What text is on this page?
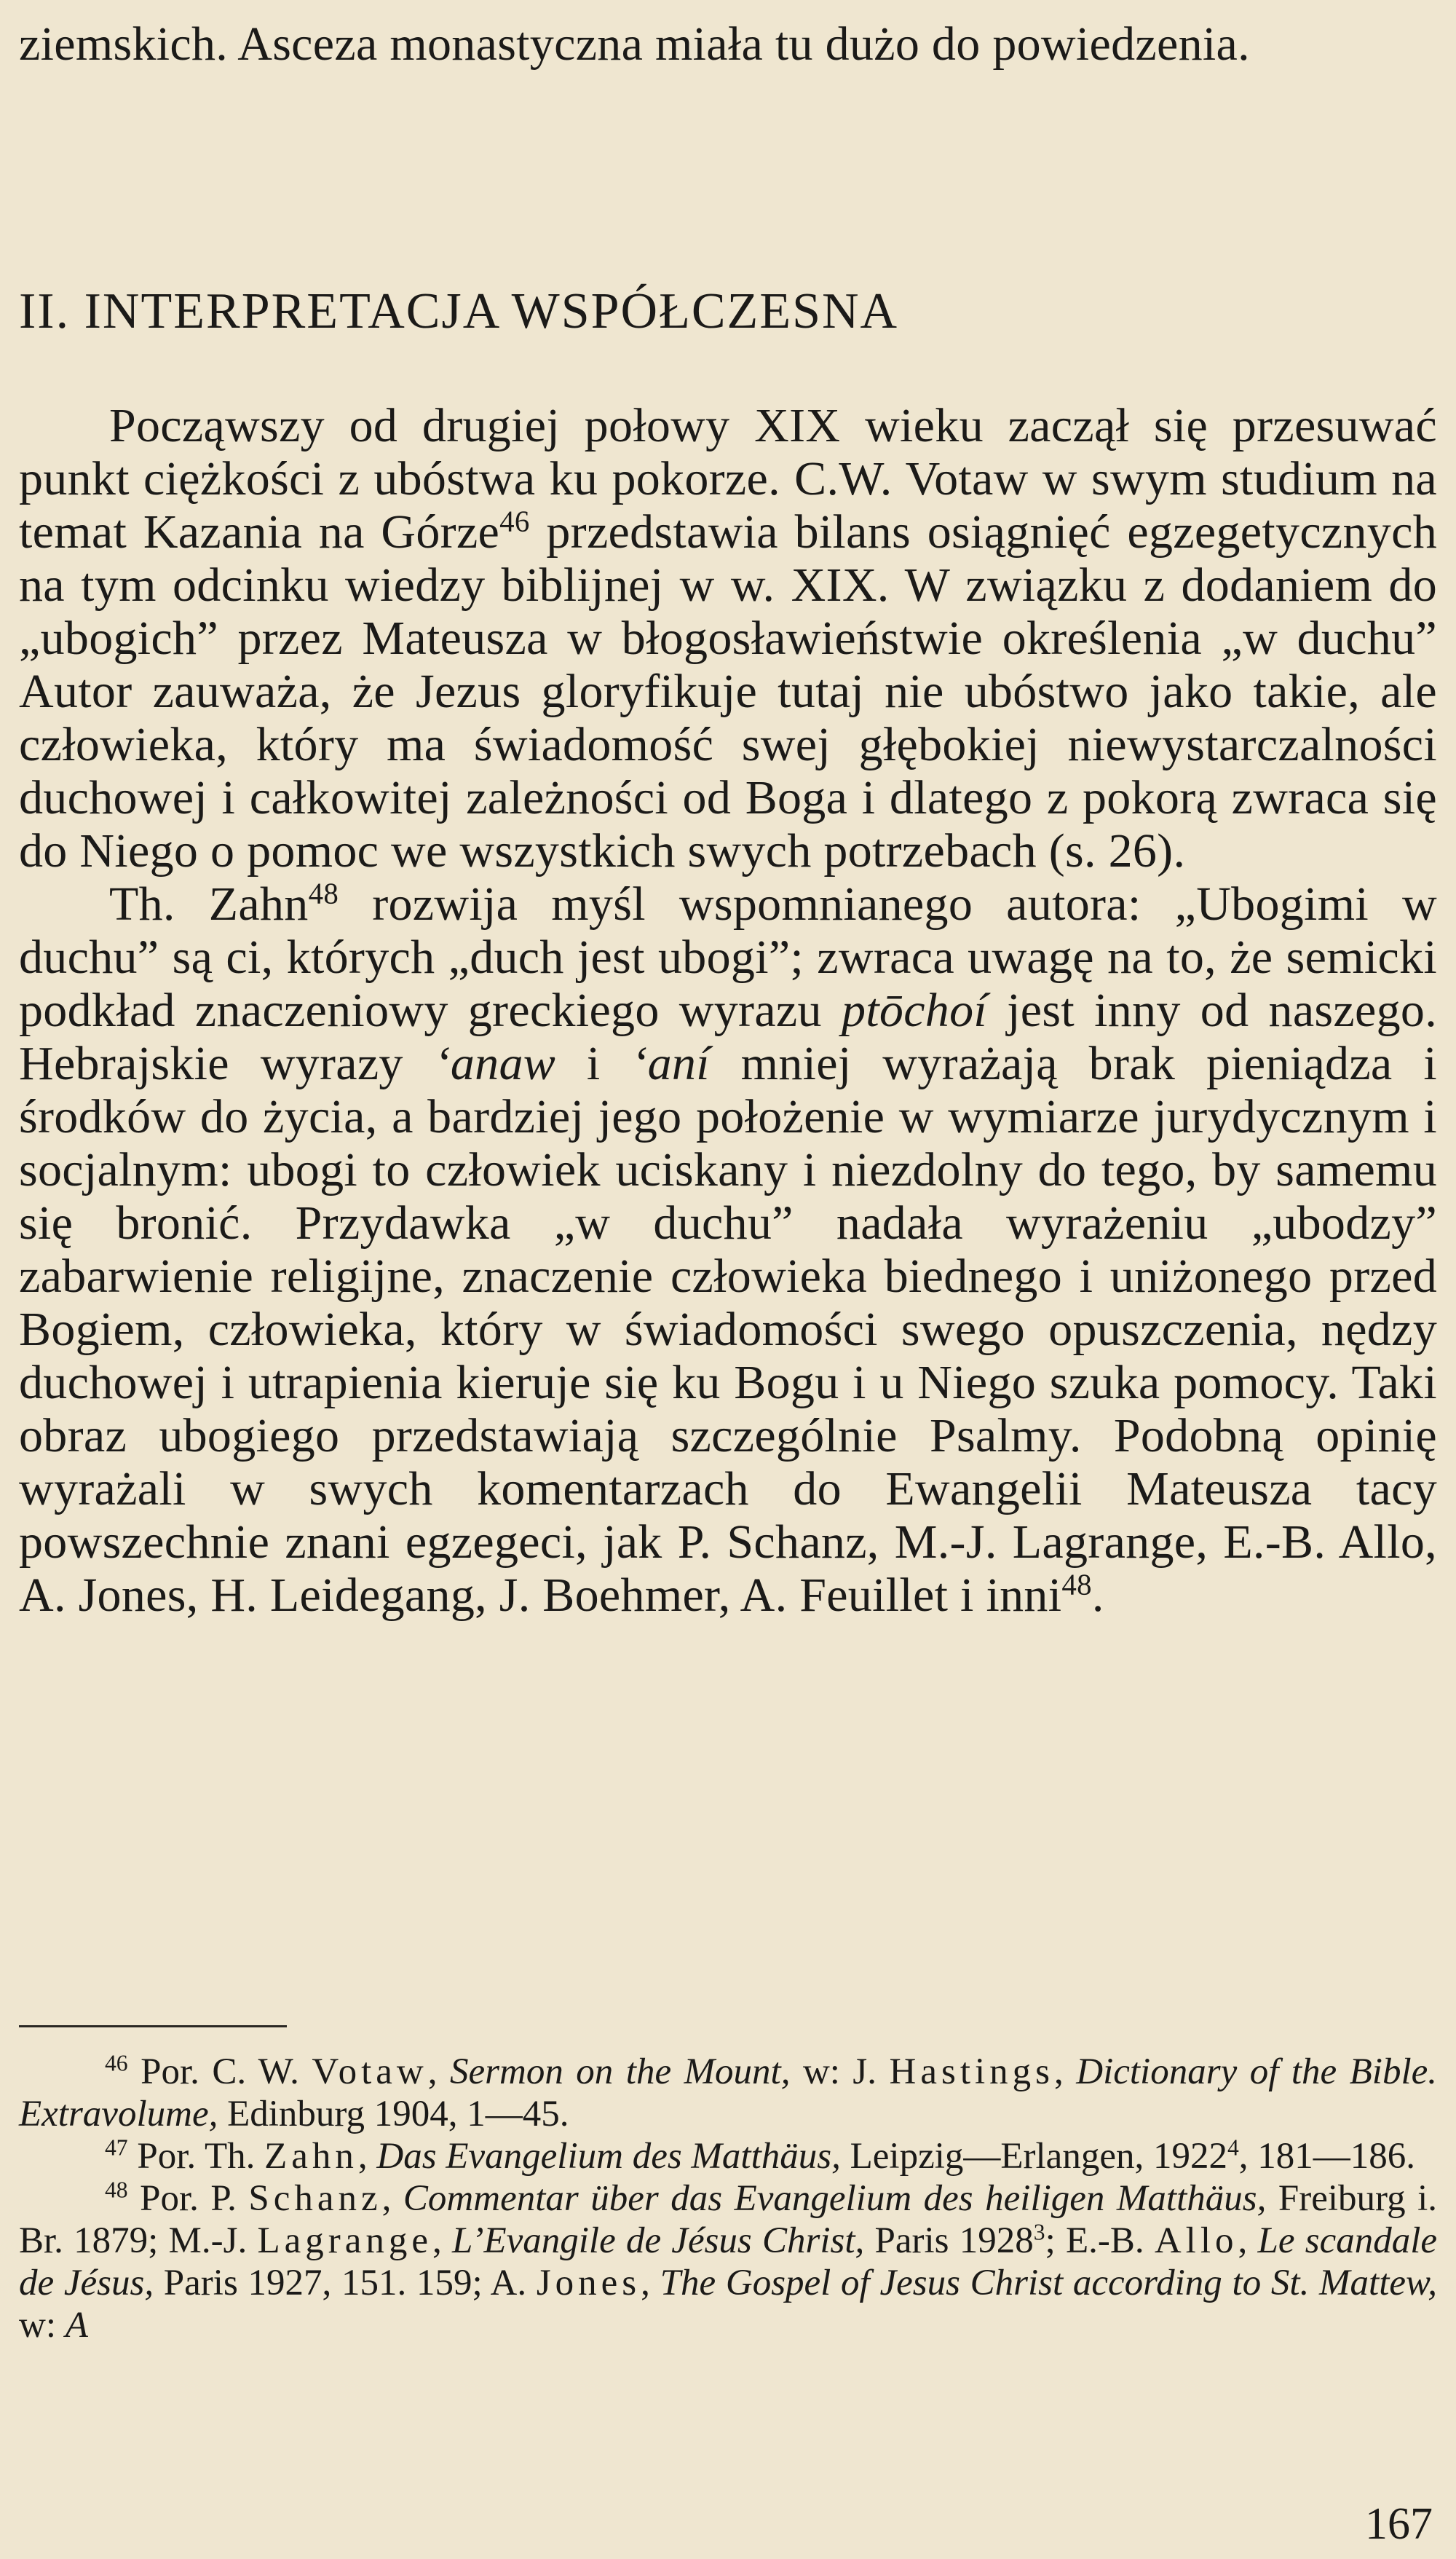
ziemskich. Asceza monastyczna miała tu dużo do powiedzenia.

II. INTERPRETACJA WSPÓŁCZESNA

Począwszy od drugiej połowy XIX wieku zaczął się przesuwać punkt ciężkości z ubóstwa ku pokorze. C.W. Votaw w swym studium na temat Kazania na Górze$^{46}$ przedstawia bilans osiągnięć egzegetycznych na tym odcinku wiedzy biblijnej w w. XIX. W związku z dodaniem do „ubogich” przez Mateusza w błogosławieństwie określenia „w duchu” Autor zauważa, że Jezus gloryfikuje tutaj nie ubóstwo jako takie, ale człowieka, który ma świadomość swej głębokiej niewystarczalności duchowej i całkowitej zależności od Boga i dlatego z pokorą zwraca się do Niego o pomoc we wszystkich swych potrzebach (s. 26).

Th. Zahn$^{48}$ rozwija myśl wspomnianego autora: „Ubogimi w duchu” są ci, których „duch jest ubogi”; zwraca uwagę na to, że semicki podkład znaczeniowy greckiego wyrazu ptōchoí jest inny od naszego. Hebrajskie wyrazy ‘anaw i ‘aní mniej wyrażają brak pieniądza i środków do życia, a bardziej jego położenie w wymiarze jurydycznym i socjalnym: ubogi to człowiek uciskany i niezdolny do tego, by samemu się bronić. Przydawka „w duchu” nadała wyrażeniu „ubodzy” zabarwienie religijne, znaczenie człowieka biednego i uniżonego przed Bogiem, człowieka, który w świadomości swego opuszczenia, nędzy duchowej i utrapienia kieruje się ku Bogu i u Niego szuka pomocy. Taki obraz ubogiego przedstawiają szczególnie Psalmy. Podobną opinię wyrażali w swych komentarzach do Ewangelii Mateusza tacy powszechnie znani egzegeci, jak P. Schanz, M.-J. Lagrange, E.-B. Allo, A. Jones, H. Leidegang, J. Boehmer, A. Feuillet i inni$^{48}$.

$^{46}$ Por. C. W. Votaw, Sermon on the Mount, w: J. Hastings, Dictionary of the Bible. Extravolume, Edinburg 1904, 1—45.

$^{47}$ Por. Th. Zahn, Das Evangelium des Matthäus, Leipzig—Erlangen, 1922$^4$, 181—186.

$^{48}$ Por. P. Schanz, Commentar über das Evangelium des heiligen Matthäus, Freiburg i. Br. 1879; M.-J. Lagrange, L’Evangile de Jésus Christ, Paris 1928$^3$; E.-B. Allo, Le scandale de Jésus, Paris 1927, 151. 159; A. Jones, The Gospel of Jesus Christ according to St. Mattew, w: A

167
